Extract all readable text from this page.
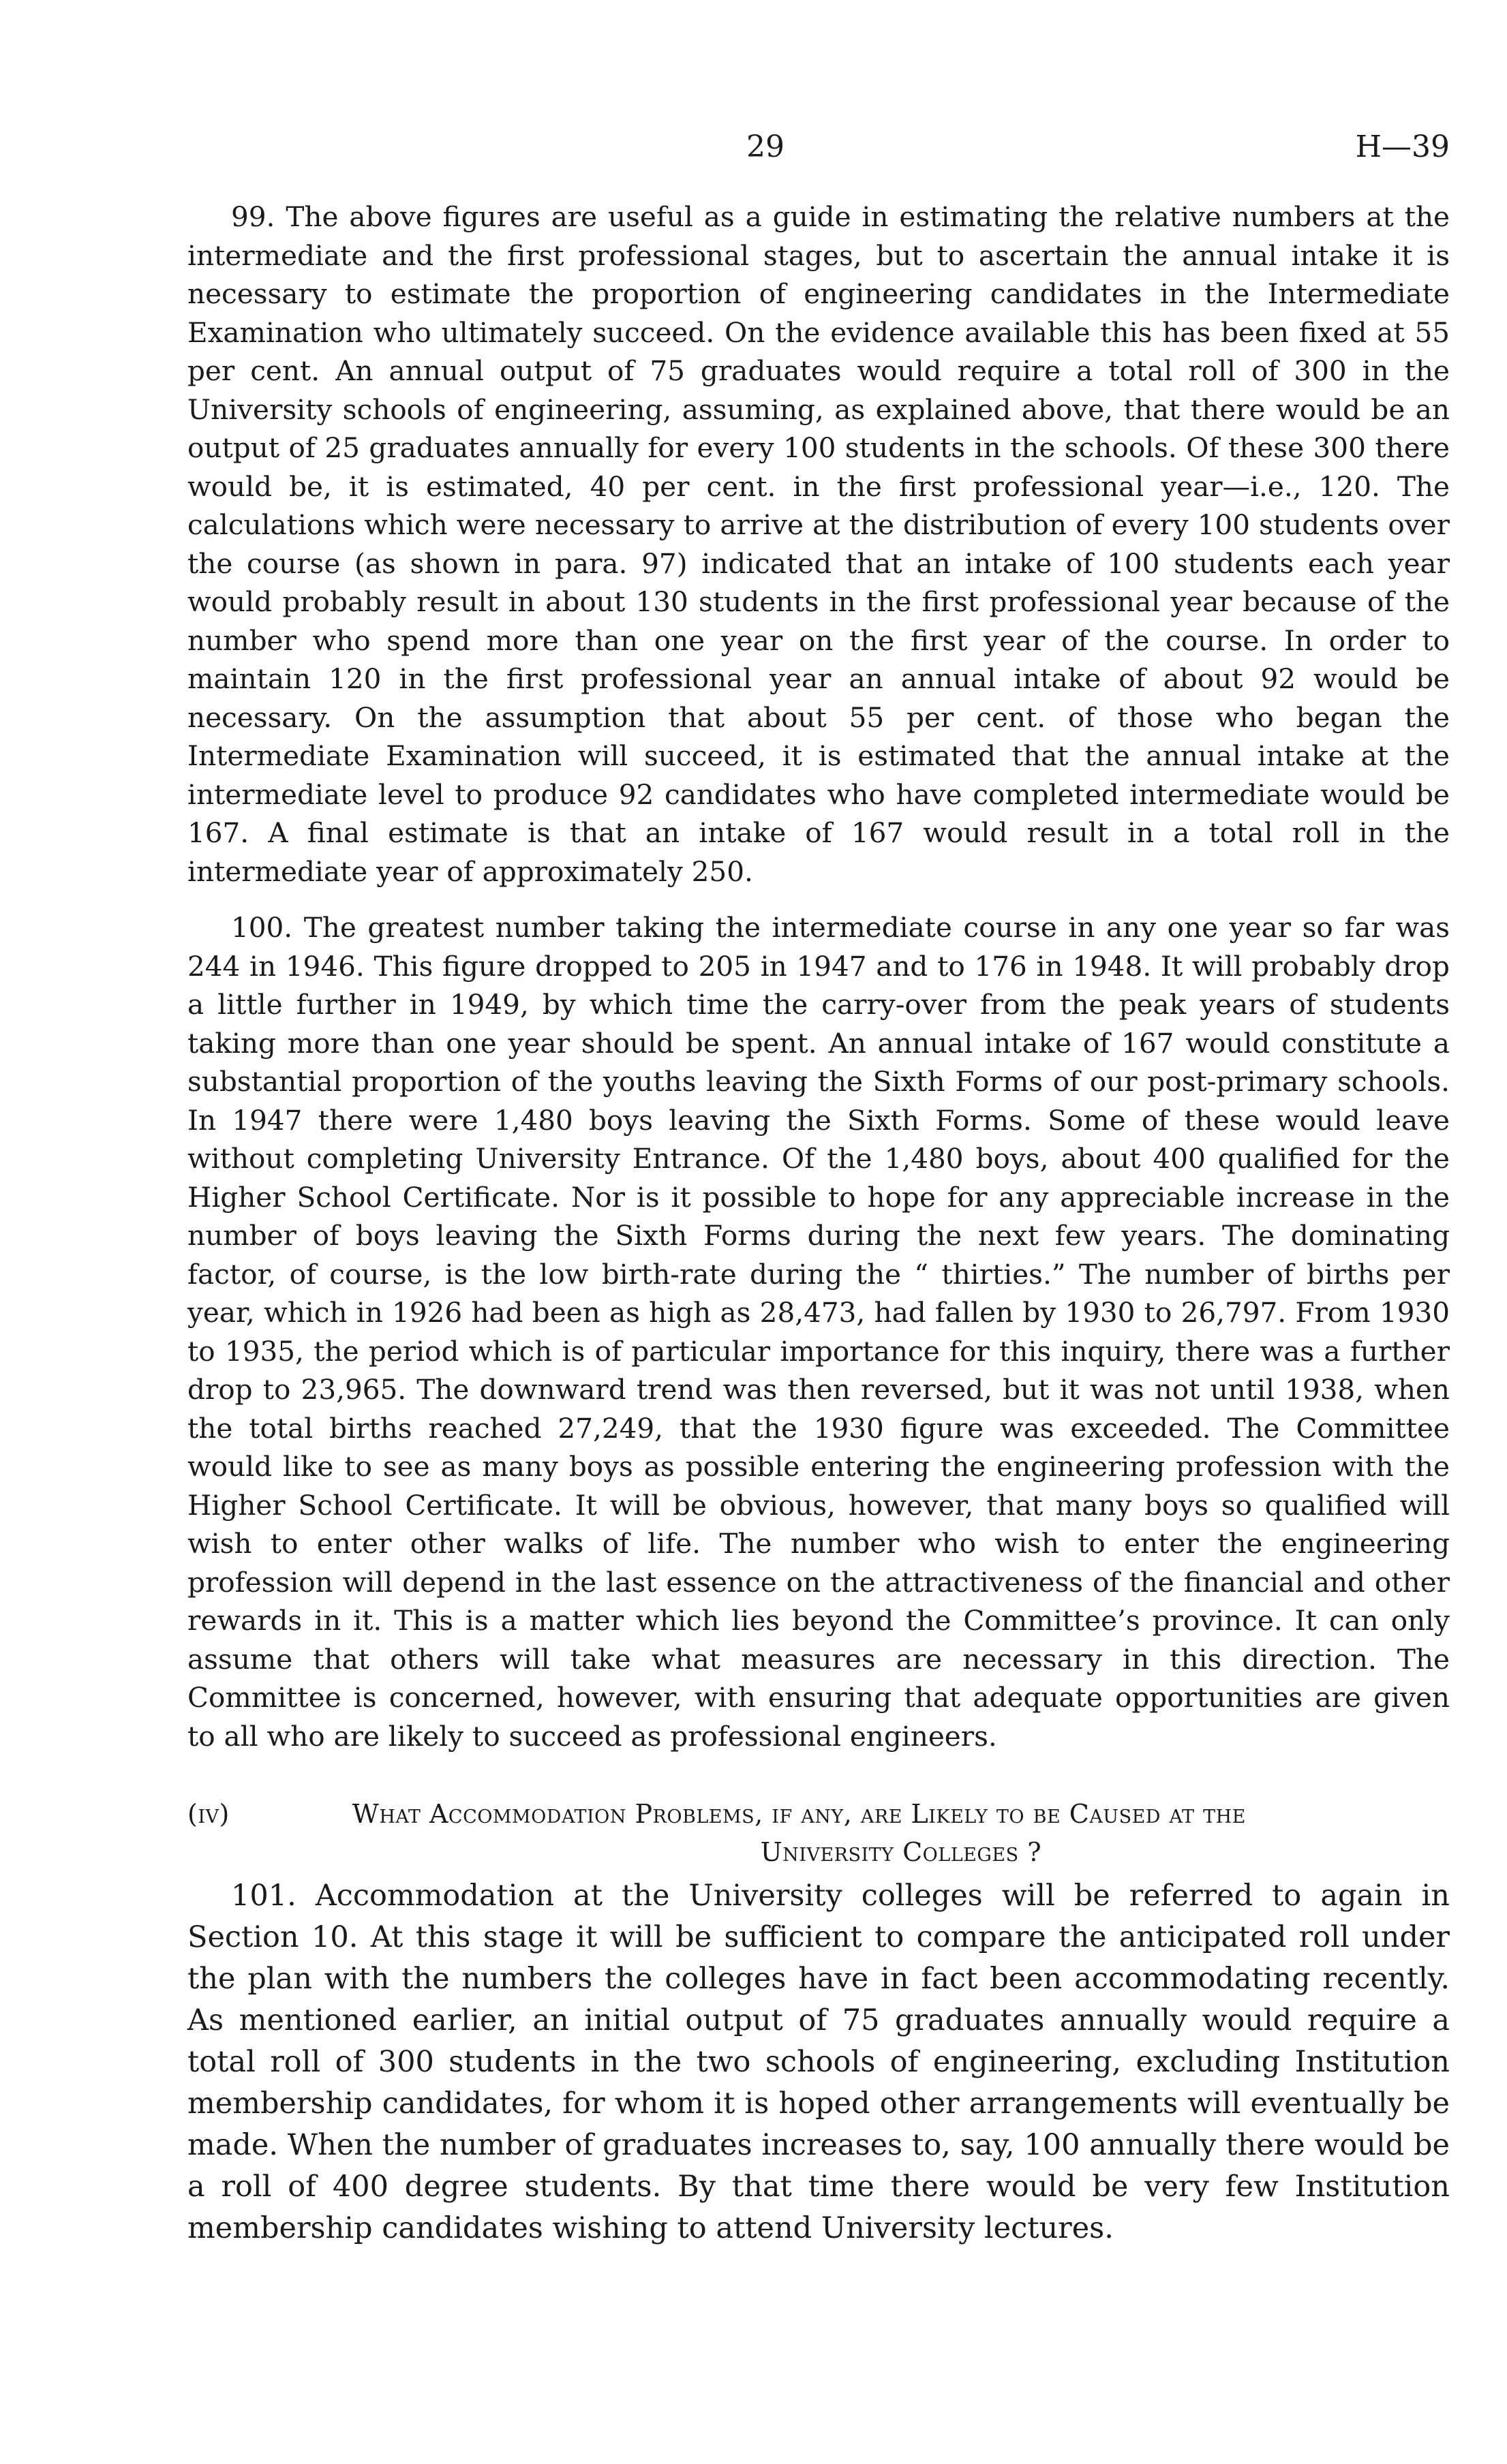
29	H—39

99. The above figures are useful as a guide in estimating the relative numbers at the intermediate and the first professional stages, but to ascertain the annual intake it is necessary to estimate the proportion of engineering candidates in the Intermediate Examination who ultimately succeed. On the evidence available this has been fixed at 55 per cent. An annual output of 75 graduates would require a total roll of 300 in the University schools of engineering, assuming, as explained above, that there would be an output of 25 graduates annually for every 100 students in the schools. Of these 300 there would be, it is estimated, 40 per cent. in the first professional year—i.e., 120. The calculations which were necessary to arrive at the distribution of every 100 students over the course (as shown in para. 97) indicated that an intake of 100 students each year would probably result in about 130 students in the first professional year because of the number who spend more than one year on the first year of the course. In order to maintain 120 in the first professional year an annual intake of about 92 would be necessary. On the assumption that about 55 per cent. of those who began the Intermediate Examination will succeed, it is estimated that the annual intake at the intermediate level to produce 92 candidates who have completed intermediate would be 167. A final estimate is that an intake of 167 would result in a total roll in the intermediate year of approximately 250.

100. The greatest number taking the intermediate course in any one year so far was 244 in 1946. This figure dropped to 205 in 1947 and to 176 in 1948. It will probably drop a little further in 1949, by which time the carry-over from the peak years of students taking more than one year should be spent. An annual intake of 167 would constitute a substantial proportion of the youths leaving the Sixth Forms of our post-primary schools. In 1947 there were 1,480 boys leaving the Sixth Forms. Some of these would leave without completing University Entrance. Of the 1,480 boys, about 400 qualified for the Higher School Certificate. Nor is it possible to hope for any appreciable increase in the number of boys leaving the Sixth Forms during the next few years. The dominating factor, of course, is the low birth-rate during the “ thirties.” The number of births per year, which in 1926 had been as high as 28,473, had fallen by 1930 to 26,797. From 1930 to 1935, the period which is of particular importance for this inquiry, there was a further drop to 23,965. The downward trend was then reversed, but it was not until 1938, when the total births reached 27,249, that the 1930 figure was exceeded. The Committee would like to see as many boys as possible entering the engineering profession with the Higher School Certificate. It will be obvious, however, that many boys so qualified will wish to enter other walks of life. The number who wish to enter the engineering profession will depend in the last essence on the attractiveness of the financial and other rewards in it. This is a matter which lies beyond the Committee’s province. It can only assume that others will take what measures are necessary in this direction. The Committee is concerned, however, with ensuring that adequate opportunities are given to all who are likely to succeed as professional engineers.

(iv)	What Accommodation Problems, if any, are Likely to be Caused at the
University Colleges ?

101. Accommodation at the University colleges will be referred to again in Section 10. At this stage it will be sufficient to compare the anticipated roll under the plan with the numbers the colleges have in fact been accommodating recently. As mentioned earlier, an initial output of 75 graduates annually would require a total roll of 300 students in the two schools of engineering, excluding Institution membership candidates, for whom it is hoped other arrangements will eventually be made. When the number of graduates increases to, say, 100 annually there would be a roll of 400 degree students. By that time there would be very few Institution membership candidates wishing to attend University lectures.
